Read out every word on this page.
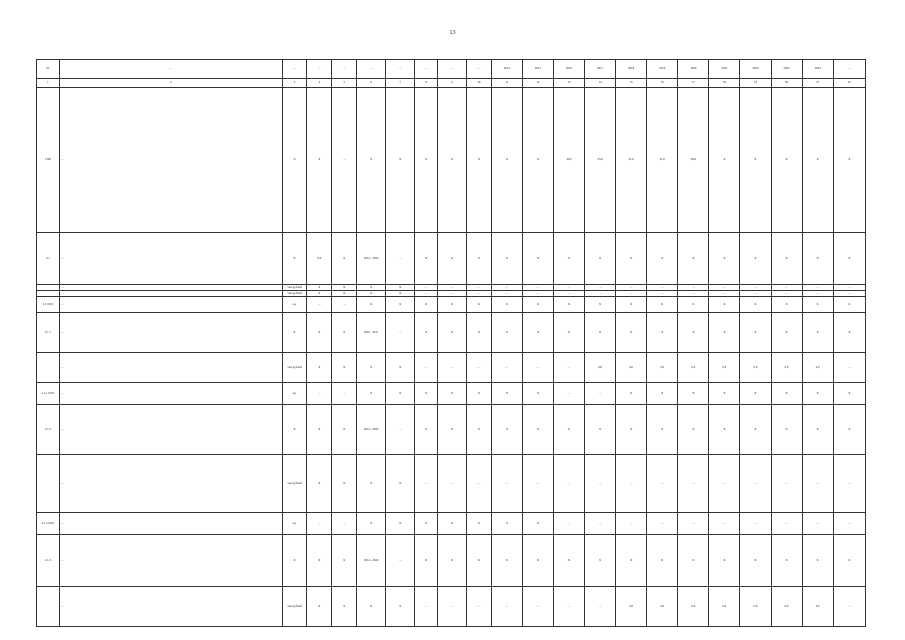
13
№	…	…	…	…	…	…	…	…	…	2014	2015	2016	2017	2018	2019	2020	2021	2022	2023	2024	…
1	2	3	4	5	6	7	8	9	10	11	12	13	14	15	16	17	18	19	20	21	22
1300	…	%	X	…	X	X	X	X	X	X	X	30,0	25,0	31,0	31,0	38,0	X	X	X	X	X
2.1	…	X	0,0	X	2014 - 2024	…	X	X	X	X	X	X	X	X	X	X	X	X	X	X	X
	…	тыс.рублей	X	X	X	X	…	…	…	…	…	…	…	…	…	…	…	…	…	…	…
	…	тыс.рублей	X	X	X	X	…	…	…	…	…	…	…	…	…	…	…	…	…	…	…
2.1 0101	…	ед.	…	…	X	X	X	X	X	X	X	X	X	X	X	X	X	X	X	X	X
2.1.1	…	X	X	X	2016 - 2017	…	X	X	X	X	X	X	X	X	X	X	X	X	X	X	X
	…	тыс.рублей	X	X	X	X	…	…	…	…	…	…	0,0	0,0	0,0	0,0	0,0	0,0	0,0	0,0	…
2.1.1 0101	…	ед.	…	…	X	X	X	X	X	X	X	…	…	X	X	X	X	X	X	X	X
2.1.2	…	X	X	X	2014 - 2024	…	X	X	X	X	X	X	X	X	X	X	X	X	X	X	X
	…	тыс.рублей	X	X	X	X	…	…	…	…	…	…	…	…	…	…	…	…	…	…	…
2.1.2 0101	…	ед.	…	…	X	X	X	X	X	X	X	…	…	…	…	…	…	…	…	…	…
2.1.3	…	X	X	X	2014 - 2024	…	X	X	X	X	X	X	X	X	X	X	X	X	X	X	X
	…	тыс.рублей	X	X	X	X	…	…	…	…	…	…	…	0,0	0,0	0,0	0,0	0,0	0,0	0,0	…
